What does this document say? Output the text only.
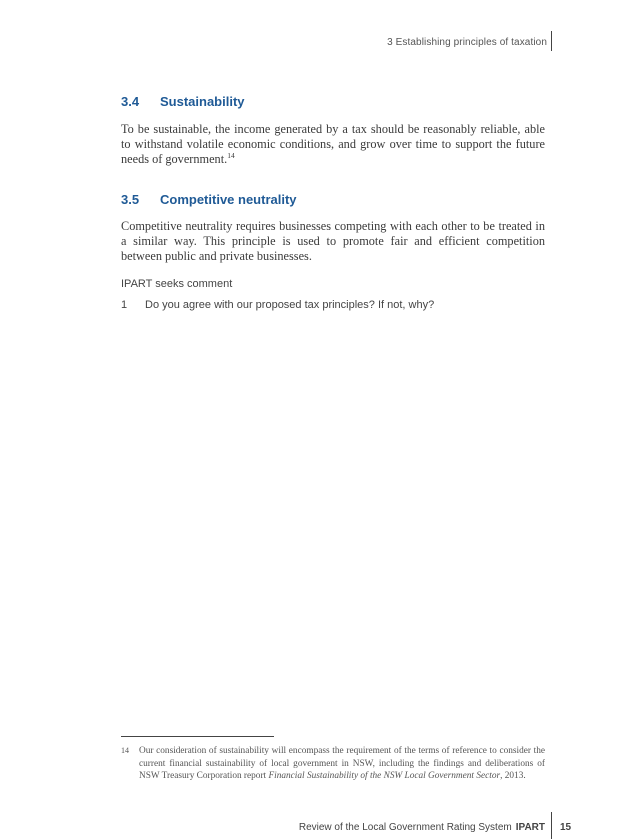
3 Establishing principles of taxation
3.4 Sustainability
To be sustainable, the income generated by a tax should be reasonably reliable, able to withstand volatile economic conditions, and grow over time to support the future needs of government.$^{14}$
3.5 Competitive neutrality
Competitive neutrality requires businesses competing with each other to be treated in a similar way. This principle is used to promote fair and efficient competition between public and private businesses.
IPART seeks comment
1 Do you agree with our proposed tax principles? If not, why?
14 Our consideration of sustainability will encompass the requirement of the terms of reference to consider the current financial sustainability of local government in NSW, including the findings and deliberations of NSW Treasury Corporation report Financial Sustainability of the NSW Local Government Sector, 2013.
Review of the Local Government Rating System IPART 15
